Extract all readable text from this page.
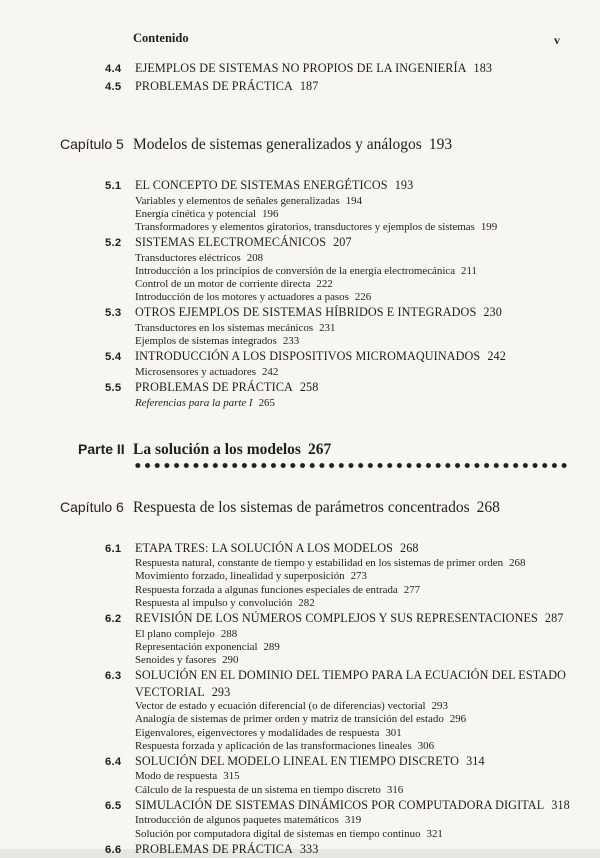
Contenido	v
4.4	EJEMPLOS DE SISTEMAS NO PROPIOS DE LA INGENIERÍA 183
4.5	PROBLEMAS DE PRÁCTICA 187
Capítulo 5 Modelos de sistemas generalizados y análogos 193
5.1	EL CONCEPTO DE SISTEMAS ENERGÉTICOS 193
Variables y elementos de señales generalizadas 194
Energía cinética y potencial 196
Transformadores y elementos giratorios, transductores y ejemplos de sistemas 199
5.2	SISTEMAS ELECTROMECÁNICOS 207
Transductores eléctricos 208
Introducción a los principios de conversión de la energía electromecánica 211
Control de un motor de corriente directa 222
Introducción de los motores y actuadores a pasos 226
5.3	OTROS EJEMPLOS DE SISTEMAS HÍBRIDOS E INTEGRADOS 230
Transductores en los sistemas mecánicos 231
Ejemplos de sistemas integrados 233
5.4	INTRODUCCIÓN A LOS DISPOSITIVOS MICROMAQUINADOS 242
Microsensores y actuadores 242
5.5	PROBLEMAS DE PRÁCTICA 258
Referencias para la parte I 265
Parte II La solución a los modelos 267
Capítulo 6 Respuesta de los sistemas de parámetros concentrados 268
6.1	ETAPA TRES: LA SOLUCIÓN A LOS MODELOS 268
Respuesta natural, constante de tiempo y estabilidad en los sistemas de primer orden 268
Movimiento forzado, linealidad y superposición 273
Respuesta forzada a algunas funciones especiales de entrada 277
Respuesta al impulso y convolución 282
6.2	REVISIÓN DE LOS NÚMEROS COMPLEJOS Y SUS REPRESENTACIONES 287
El plano complejo 288
Representación exponencial 289
Senoides y fasores 290
6.3	SOLUCIÓN EN EL DOMINIO DEL TIEMPO PARA LA ECUACIÓN DEL ESTADO VECTORIAL 293
Vector de estado y ecuación diferencial (o de diferencias) vectorial 293
Analogía de sistemas de primer orden y matriz de transición del estado 296
Eigenvalores, eigenvectores y modalidades de respuesta 301
Respuesta forzada y aplicación de las transformaciones lineales 306
6.4	SOLUCIÓN DEL MODELO LINEAL EN TIEMPO DISCRETO 314
Modo de respuesta 315
Cálculo de la respuesta de un sistema en tiempo discreto 316
6.5	SIMULACIÓN DE SISTEMAS DINÁMICOS POR COMPUTADORA DIGITAL 318
Introducción de algunos paquetes matemáticos 319
Solución por computadora digital de sistemas en tiempo continuo 321
6.6	PROBLEMAS DE PRÁCTICA 333
